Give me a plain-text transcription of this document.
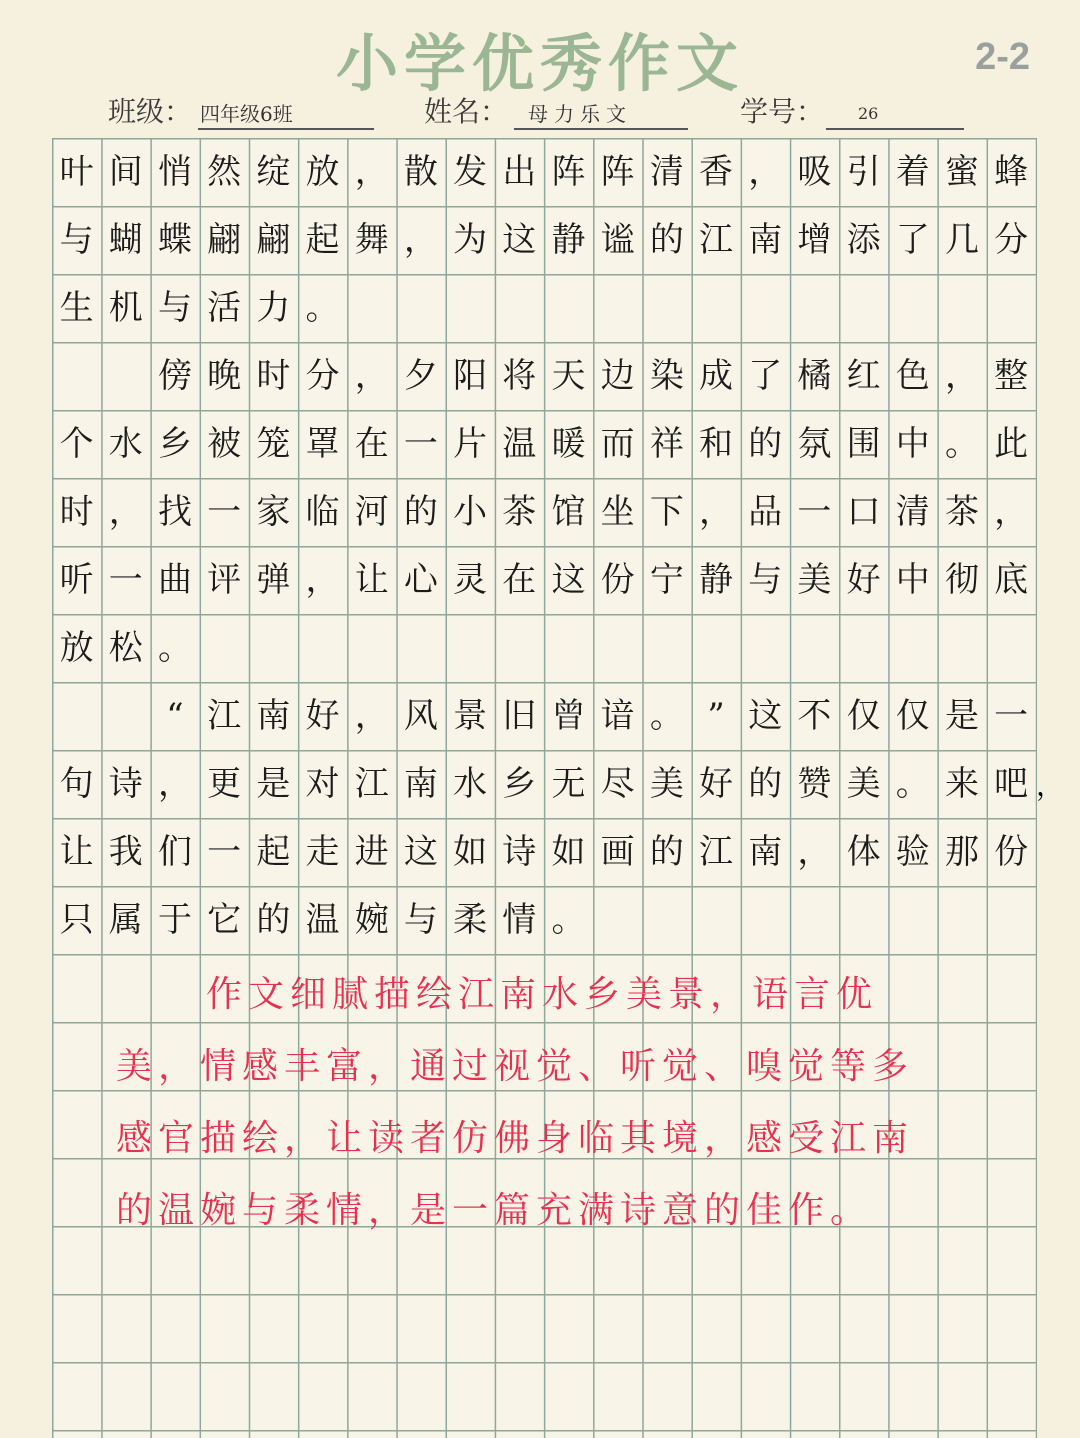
小学优秀作文	2-2
班级： 四年级6班	姓名： 母力乐文	学号： 26
叶 间 悄 然 绽 放 ， 散 发 出 阵 阵 清 香 ， 吸 引 着 蜜 蜂
与 蝴 蝶 翩 翩 起 舞 ， 为 这 静 谧 的 江 南 增 添 了 几 分
生 机 与 活 力 。
傍 晚 时 分 ， 夕 阳 将 天 边 染 成 了 橘 红 色 ， 整
个 水 乡 被 笼 罩 在 一 片 温 暖 而 祥 和 的 氛 围 中 。 此
时 ， 找 一 家 临 河 的 小 茶 馆 坐 下 ， 品 一 口 清 茶 ，
听 一 曲 评 弹 ， 让 心 灵 在 这 份 宁 静 与 美 好 中 彻 底
放 松 。
“ 江 南 好 ， 风 景 旧 曾 谙 。 ” 这 不 仅 仅 是 一
句 诗 ， 更 是 对 江 南 水 乡 无 尽 美 好 的 赞 美 。 来 吧 ，
让 我 们 一 起 走 进 这 如 诗 如 画 的 江 南 ， 体 验 那 份
只 属 于 它 的 温 婉 与 柔 情 。
作文细腻描绘江南水乡美景，语言优
美，情感丰富，通过视觉、听觉、嗅觉等多
感官描绘，让读者仿佛身临其境，感受江南
的温婉与柔情，是一篇充满诗意的佳作。
